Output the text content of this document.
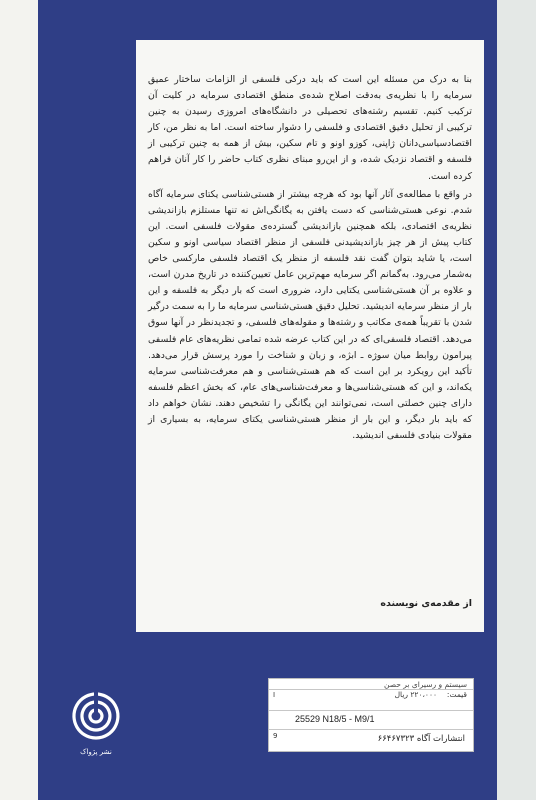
بنا به درک من مسئله این است که باید درکی فلسفی از الزامات ساختار عمیق سرمایه را با نظریه‌ی به‌دقت اصلاح شده‌ی منطق اقتصادی سرمایه در کلیت آن ترکیب کنیم. تقسیم رشته‌های تحصیلی در دانشگاه‌های امروزی رسیدن به چنین ترکیبی از تحلیل دقیق اقتصادی و فلسفی را دشوار ساخته است. اما به نظر من، کار اقتصادسیاسی‌دانان ژاپنی، کوزو اونو و تام سکین، بیش از همه به چنین ترکیبی از فلسفه و اقتصاد نزدیک شده، و از این‌رو مبنای نظری کتاب حاضر را کار آنان فراهم کرده است.

در واقع با مطالعه‌ی آثار آنها بود که هرچه بیشتر از هستی‌شناسی یکتای سرمایه آگاه شدم. نوعی هستی‌شناسی که دست یافتن به یگانگی‌اش نه تنها مستلزم بازاندیشی نظریه‌ی اقتصادی، بلکه همچنین بازاندیشی گسترده‌ی مقولات فلسفی است. این کتاب پیش از هر چیز بازاندیشیدنی فلسفی از منظر اقتصاد سیاسی اونو و سکین است، یا شاید بتوان گفت نقد فلسفه از منظر یک اقتصاد فلسفی مارکسی خاص به‌شمار می‌رود. به‌گمانم اگر سرمایه مهم‌ترین عامل تعیین‌کننده در تاریخ مدرن است، و علاوه بر آن هستی‌شناسی یکتایی دارد، ضروری است که بار دیگر به فلسفه و این بار از منظر سرمایه اندیشید. تحلیل دقیق هستی‌شناسی سرمایه ما را به سمت درگیر شدن با تقریباً همه‌ی مکاتب و رشته‌ها و مقوله‌های فلسفی، و تجدیدنظر در آنها سوق می‌دهد. اقتصاد فلسفی‌ای که در این کتاب عرضه شده تمامی نظریه‌های عام فلسفی پیرامون روابط میان سوژه ـ ابژه، و زبان و شناخت را مورد پرسش قرار می‌دهد. تأکید این رویکرد بر این است که هم هستی‌شناسی و هم معرفت‌شناسی سرمایه یکه‌اند، و این که هستی‌شناسی‌ها و معرفت‌شناسی‌های عام، که بخش اعظم فلسفه دارای چنین خصلتی است، نمی‌توانند این یگانگی را تشخیص دهند. نشان خواهم داد که باید بار دیگر، و این بار از منظر هستی‌شناسی یکتای سرمایه، به بسیاری از مقولات بنیادی فلسفی اندیشید.

از مقدمه‌ی نویسنده
سیستم و رسیرای بر حصن
قیمت:
۲۲۰،۰۰۰ ریال
I
25529 N18/5 - M9/1
9	انتشارات آگاه ۶۶۴۶۷۳۲۳
نشر پژواک
